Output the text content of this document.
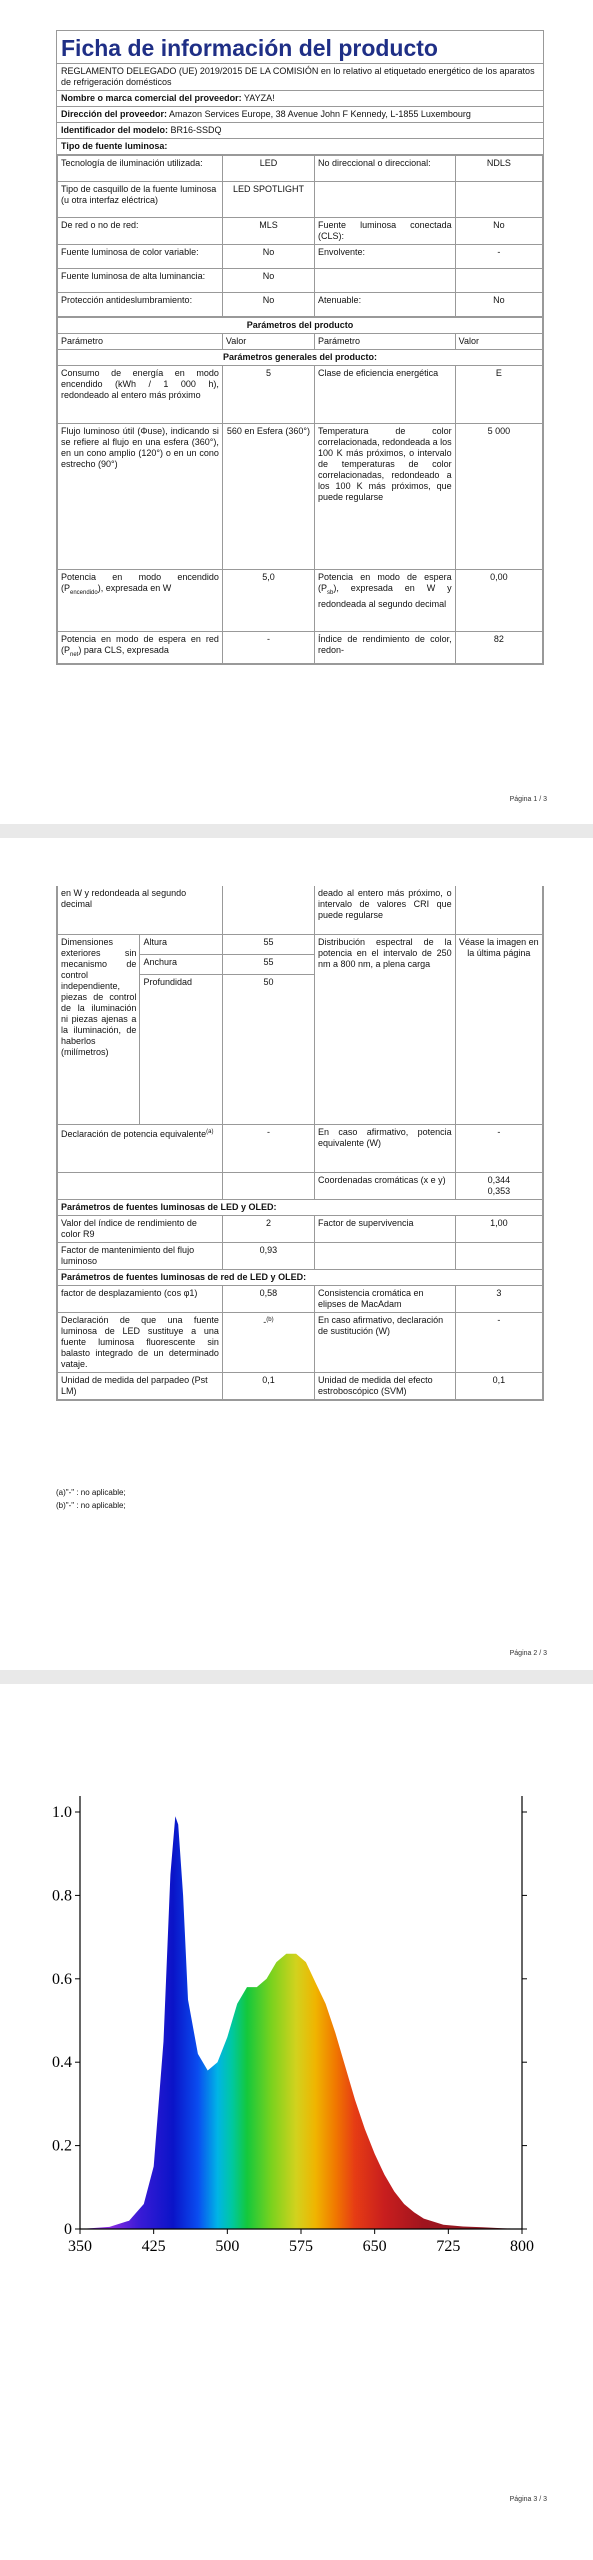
Ficha de información del producto
REGLAMENTO DELEGADO (UE) 2019/2015 DE LA COMISIÓN en lo relativo al etiquetado energético de los aparatos de refrigeración domésticos
Nombre o marca comercial del proveedor: YAYZA!
Dirección del proveedor: Amazon Services Europe, 38 Avenue John F Kennedy, L-1855 Luxembourg
Identificador del modelo: BR16-SSDQ
Tipo de fuente luminosa:
Tecnología de iluminación utilizada:	LED	No direccional o direccional:	NDLS
Tipo de casquillo de la fuente luminosa
(u otra interfaz eléctrica)	LED SPOTLIGHT		
De red o no de red:	MLS	Fuente luminosa conectada (CLS):	No
Fuente luminosa de color variable:	No	Envolvente:	-
Fuente luminosa de alta luminancia:	No		
Protección antideslumbramiento:	No	Atenuable:	No
Parámetros del producto			
Parámetro	Valor	Parámetro	Valor
Parámetros generales del producto:			
Consumo de energía en modo encendido (kWh / 1 000 h), redondeado al entero más próximo	5	Clase de eficiencia energética	E
Flujo luminoso útil (Φuse), indicando si se refiere al flujo en una esfera (360°), en un cono amplio (120°) o en un cono estrecho (90°)	560 en Esfera (360°)	Temperatura de color correlacionada, redondeada a los 100 K más próximos, o intervalo de temperaturas de color correlacionadas, redondeado a los 100 K más próximos, que puede regularse	5 000
Potencia en modo encendido $(P_{encendido})$, expresada en W	5,0	Potencia en modo de espera $(P_{sb})$, expresada en W y redondeada al segundo decimal	0,00
Potencia en modo de espera en red $(P_{net})$ para CLS, expresada	-	Índice de rendimiento de color, redon-	82
Página 1 / 3
en W y redondeada al segundo decimal			deado al entero más próximo, o intervalo de valores CRI que puede regularse	
Dimensiones exteriores sin mecanismo de control independiente, piezas de control de la iluminación ni piezas ajenas a la iluminación, de haberlos (milímetros)	Altura	55	Distribución espectral de la potencia en el intervalo de 250 nm a 800 nm, a plena carga	Véase la imagen en la última página
	Anchura	55		
	Profundidad	50		
Declaración de potencia equivalente$^{(a)}$		-	En caso afirmativo, potencia equivalente (W)	-
			Coordenadas cromáticas (x e y)	0,344
0,353
Parámetros de fuentes luminosas de LED y OLED:				
Valor del índice de rendimiento de color R9		2	Factor de supervivencia	1,00
Factor de mantenimiento del flujo luminoso		0,93		
Parámetros de fuentes luminosas de red de LED y OLED:				
factor de desplazamiento (cos φ1)		0,58	Consistencia cromática en elipses de MacAdam	3
Declaración de que una fuente luminosa de LED sustituye a una fuente luminosa fluorescente sin balasto integrado de un determinado vataje.		-$^{(b)}$	En caso afirmativo, declaración de sustitución (W)	-
Unidad de medida del parpadeo (Pst LM)		0,1	Unidad de medida del efecto estroboscópico (SVM)	0,1
(a)"-" : no aplicable;
(b)"-" : no aplicable;
Página 2 / 3
0
0.2
0.4
0.6
0.8
1.0
350	425	500	575	650	725	800
Página 3 / 3
